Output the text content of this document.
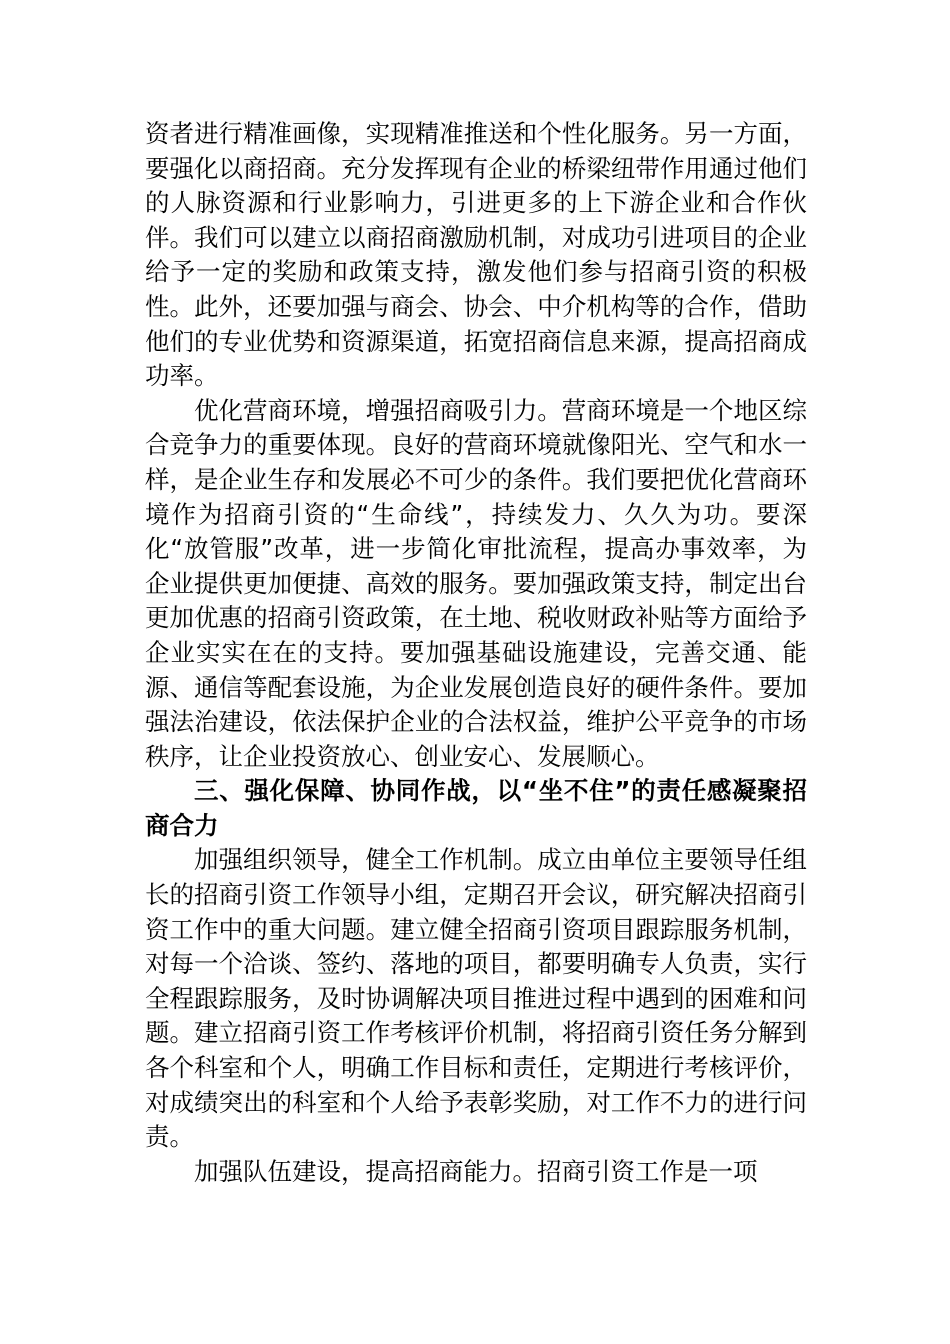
资者进行精准画像，实现精准推送和个性化服务。另一方面，要强化以商招商。充分发挥现有企业的桥梁纽带作用通过他们的人脉资源和行业影响力，引进更多的上下游企业和合作伙伴。我们可以建立以商招商激励机制，对成功引进项目的企业给予一定的奖励和政策支持，激发他们参与招商引资的积极性。此外，还要加强与商会、协会、中介机构等的合作，借助他们的专业优势和资源渠道，拓宽招商信息来源，提高招商成功率。

优化营商环境，增强招商吸引力。营商环境是一个地区综合竞争力的重要体现。良好的营商环境就像阳光、空气和水一样，是企业生存和发展必不可少的条件。我们要把优化营商环境作为招商引资的“生命线”，持续发力、久久为功。要深化“放管服”改革，进一步简化审批流程，提高办事效率，为企业提供更加便捷、高效的服务。要加强政策支持，制定出台更加优惠的招商引资政策，在土地、税收财政补贴等方面给予企业实实在在的支持。要加强基础设施建设，完善交通、能源、通信等配套设施，为企业发展创造良好的硬件条件。要加强法治建设，依法保护企业的合法权益，维护公平竞争的市场秩序，让企业投资放心、创业安心、发展顺心。

三、强化保障、协同作战，以“坐不住”的责任感凝聚招商合力

加强组织领导，健全工作机制。成立由单位主要领导任组长的招商引资工作领导小组，定期召开会议，研究解决招商引资工作中的重大问题。建立健全招商引资项目跟踪服务机制，对每一个洽谈、签约、落地的项目，都要明确专人负责，实行全程跟踪服务，及时协调解决项目推进过程中遇到的困难和问题。建立招商引资工作考核评价机制，将招商引资任务分解到各个科室和个人，明确工作目标和责任，定期进行考核评价，对成绩突出的科室和个人给予表彰奖励，对工作不力的进行问责。

加强队伍建设，提高招商能力。招商引资工作是一项
